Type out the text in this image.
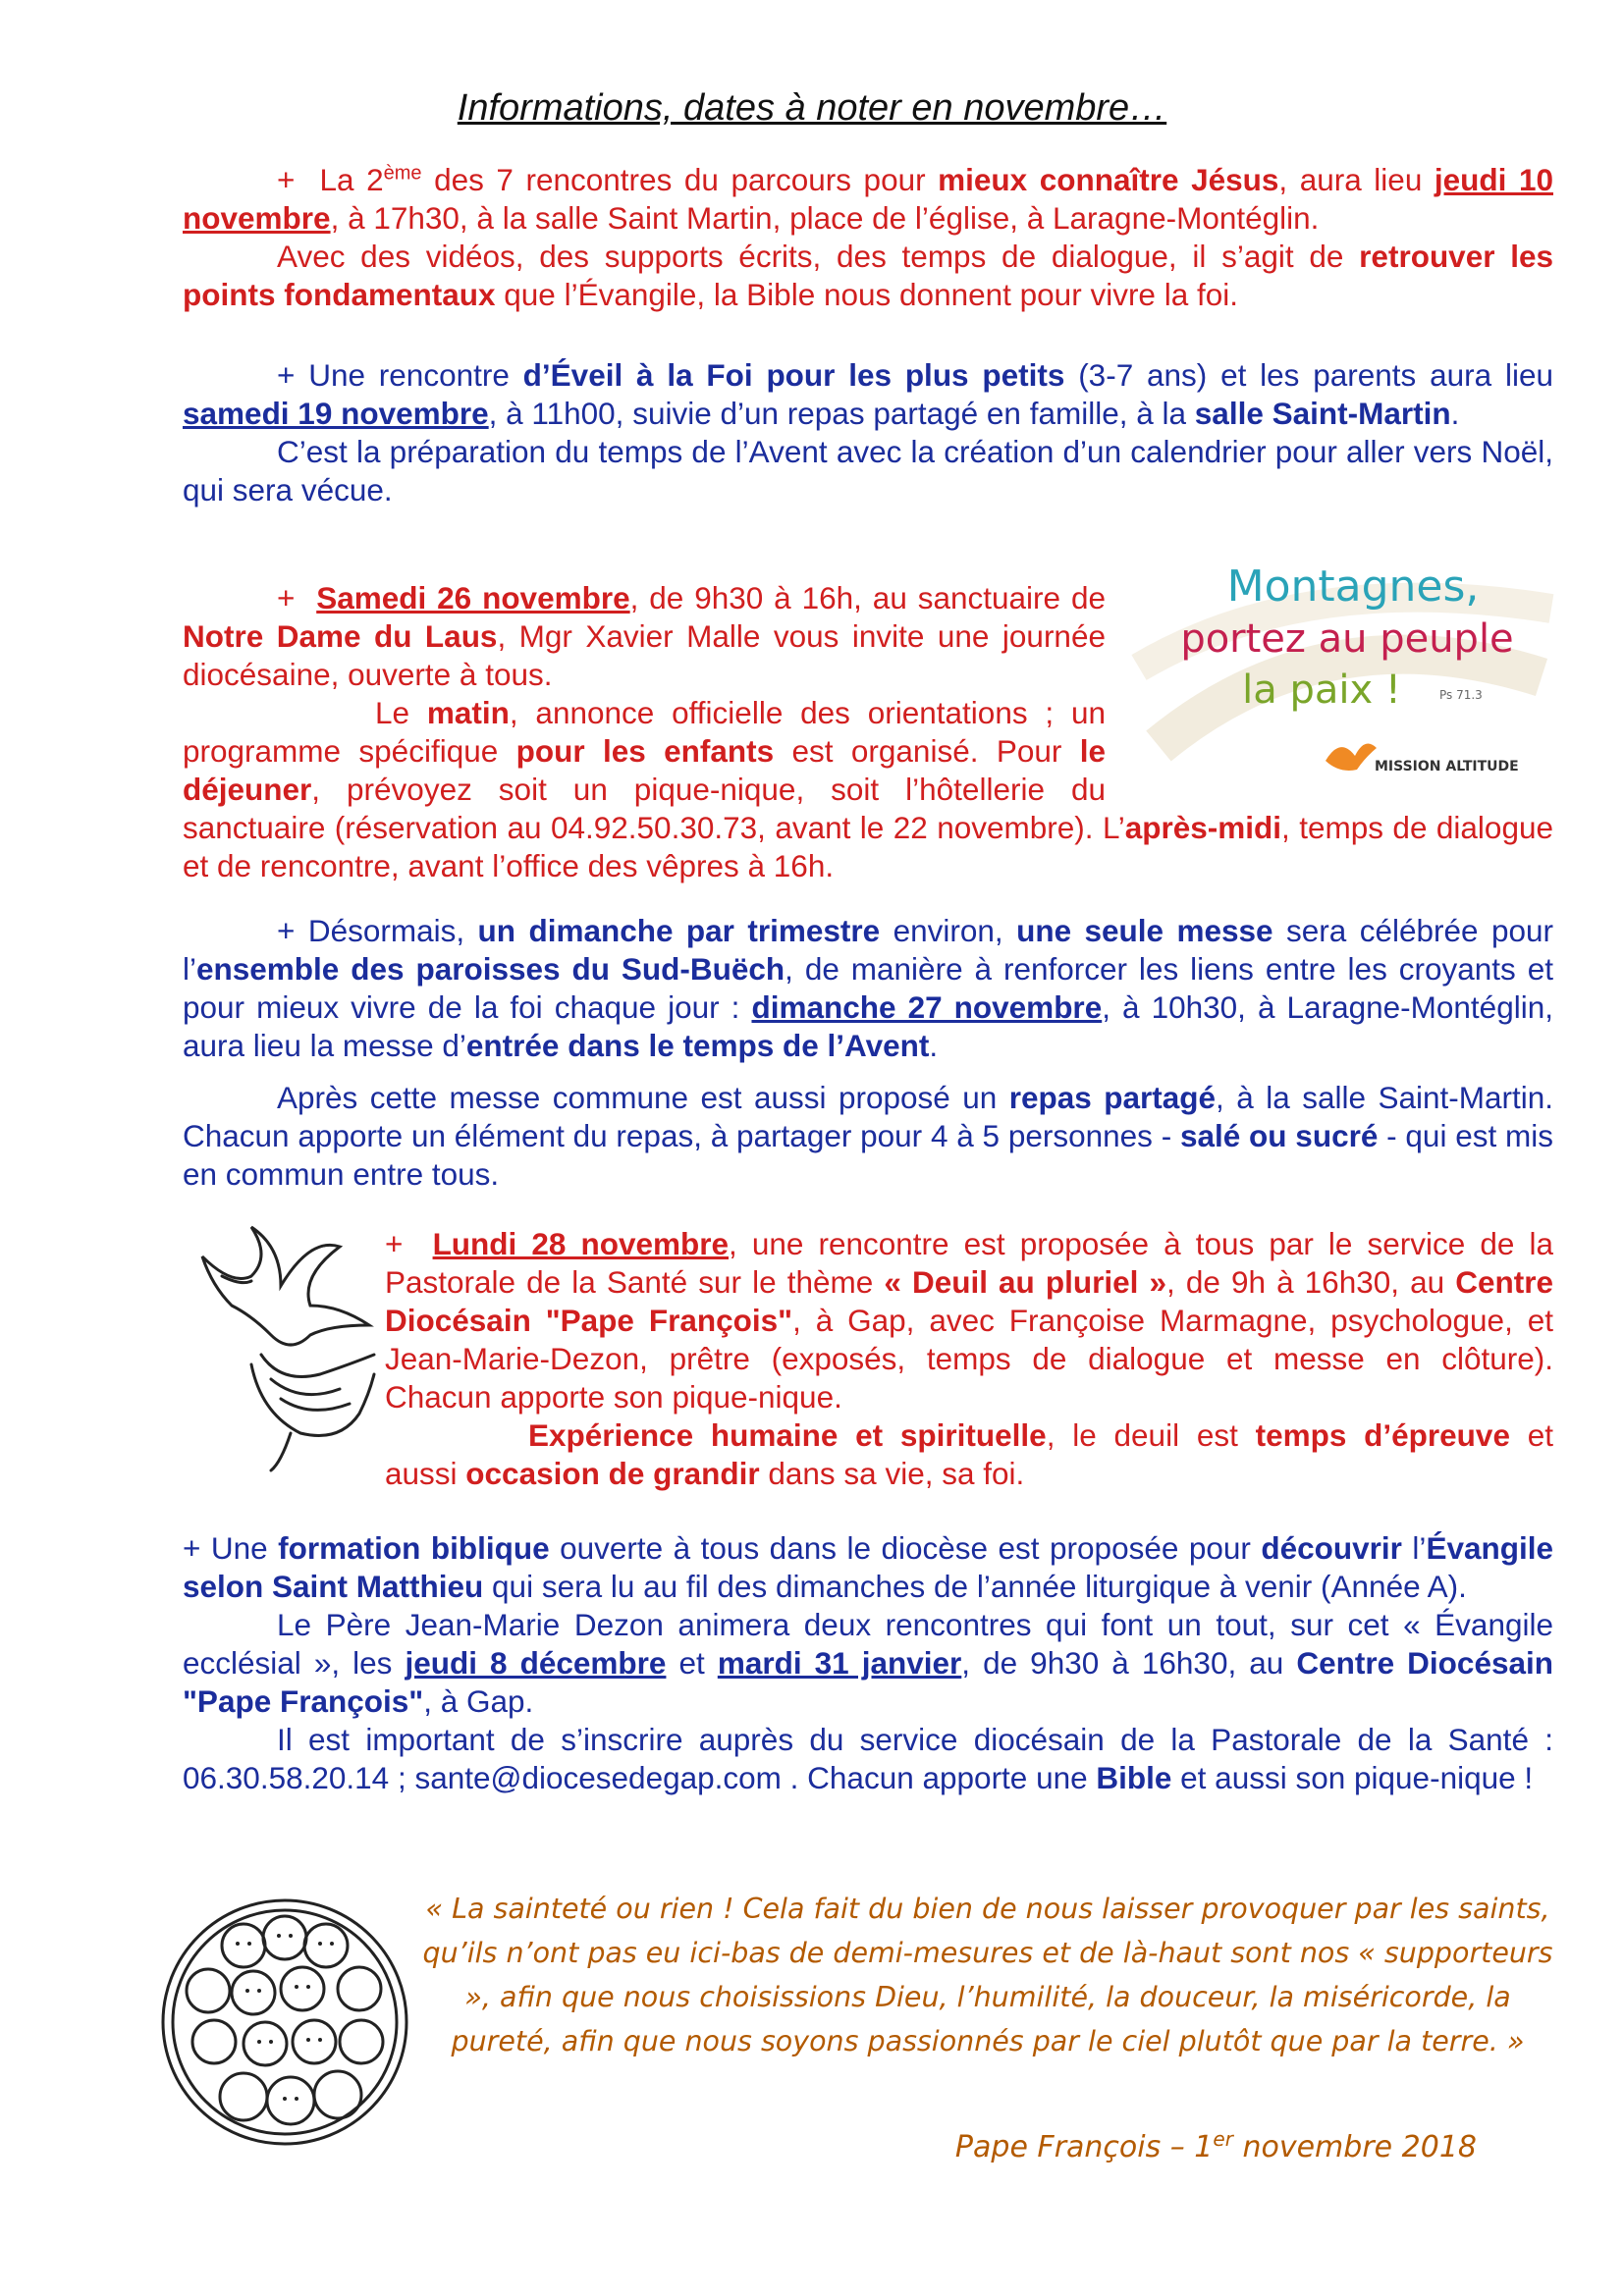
Informations, dates à noter en novembre…

+ La 2ème des 7 rencontres du parcours pour mieux connaître Jésus, aura lieu jeudi 10 novembre, à 17h30, à la salle Saint Martin, place de l’église, à Laragne-Montéglin.

Avec des vidéos, des supports écrits, des temps de dialogue, il s’agit de retrouver les points fondamentaux que l’Évangile, la Bible nous donnent pour vivre la foi.

+ Une rencontre d’Éveil à la Foi pour les plus petits (3-7 ans) et les parents aura lieu samedi 19 novembre, à 11h00, suivie d’un repas partagé en famille, à la salle Saint-Martin.

C’est la préparation du temps de l’Avent avec la création d’un calendrier pour aller vers Noël, qui sera vécue.

+ Samedi 26 novembre, de 9h30 à 16h, au sanctuaire de Notre Dame du Laus, Mgr Xavier Malle vous invite une journée diocésaine, ouverte à tous.

Le matin, annonce officielle des orientations ; un programme spécifique pour les enfants est organisé. Pour le déjeuner, prévoyez soit un pique-nique, soit l’hôtellerie du sanctuaire (réservation au 04.92.50.30.73, avant le 22 novembre). L’après-midi, temps de dialogue et de rencontre, avant l’office des vêpres à 16h.

Montagnes,
portez au peuple
la paix !	Ps 71.3
MISSION ALTITUDE

+ Désormais, un dimanche par trimestre environ, une seule messe sera célébrée pour l’ensemble des paroisses du Sud-Buëch, de manière à renforcer les liens entre les croyants et pour mieux vivre de la foi chaque jour : dimanche 27 novembre, à 10h30, à Laragne-Montéglin, aura lieu la messe d’entrée dans le temps de l’Avent.

Après cette messe commune est aussi proposé un repas partagé, à la salle Saint-Martin. Chacun apporte un élément du repas, à partager pour 4 à 5 personnes - salé ou sucré - qui est mis en commun entre tous.

+ Lundi 28 novembre, une rencontre est proposée à tous par le service de la Pastorale de la Santé sur le thème « Deuil au pluriel », de 9h à 16h30, au Centre Diocésain "Pape François", à Gap, avec Françoise Marmagne, psychologue, et Jean-Marie-Dezon, prêtre (exposés, temps de dialogue et messe en clôture). Chacun apporte son pique-nique.

Expérience humaine et spirituelle, le deuil est temps d’épreuve et aussi occasion de grandir dans sa vie, sa foi.

+ Une formation biblique ouverte à tous dans le diocèse est proposée pour découvrir l’Évangile selon Saint Matthieu qui sera lu au fil des dimanches de l’année liturgique à venir (Année A).

Le Père Jean-Marie Dezon animera deux rencontres qui font un tout, sur cet « Évangile ecclésial », les jeudi 8 décembre et mardi 31 janvier, de 9h30 à 16h30, au Centre Diocésain "Pape François", à Gap.

Il est important de s’inscrire auprès du service diocésain de la Pastorale de la Santé : 06.30.58.20.14 ; sante@diocesedegap.com . Chacun apporte une Bible et aussi son pique-nique !

« La sainteté ou rien ! Cela fait du bien de nous laisser provoquer par les saints, qu’ils n’ont pas eu ici-bas de demi-mesures et de là-haut sont nos « supporteurs », afin que nous choisissions Dieu, l’humilité, la douceur, la miséricorde, la pureté, afin que nous soyons passionnés par le ciel plutôt que par la terre. »
Pape François – 1er novembre 2018
